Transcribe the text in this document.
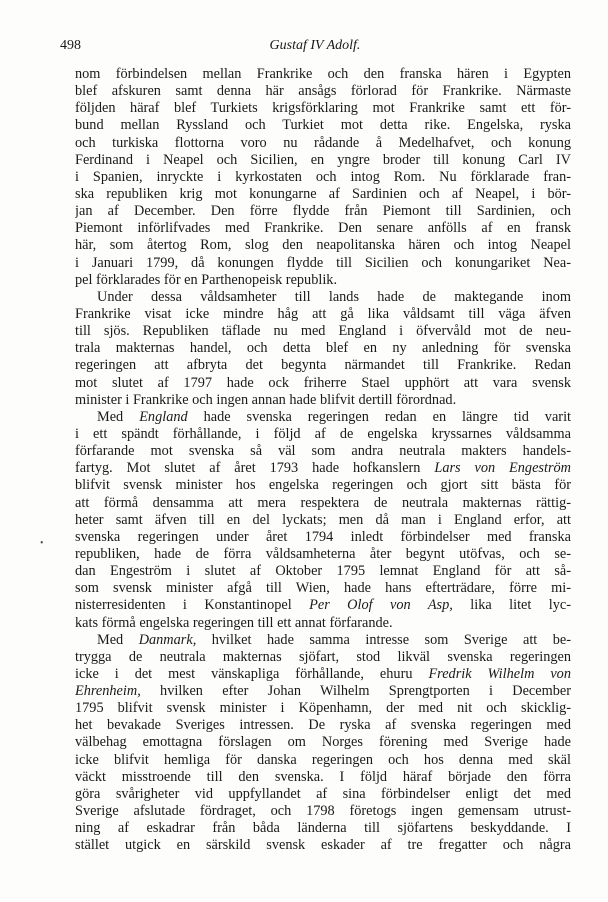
498	Gustaf IV Adolf.
•
nom förbindelsen mellan Frankrike och den franska hären i Egypten
blef afskuren samt denna här ansågs förlorad för Frankrike. Närmaste
följden häraf blef Turkiets krigsförklaring mot Frankrike samt ett för-
bund mellan Ryssland och Turkiet mot detta rike. Engelska, ryska
och turkiska flottorna voro nu rådande å Medelhafvet, och konung
Ferdinand i Neapel och Sicilien, en yngre broder till konung Carl IV
i Spanien, inryckte i kyrkostaten och intog Rom. Nu förklarade fran-
ska republiken krig mot konungarne af Sardinien och af Neapel, i bör-
jan af December. Den förre flydde från Piemont till Sardinien, och
Piemont införlifvades med Frankrike. Den senare anfölls af en fransk
här, som återtog Rom, slog den neapolitanska hären och intog Neapel
i Januari 1799, då konungen flydde till Sicilien och konungariket Nea-
pel förklarades för en Parthenopeisk republik.
Under dessa våldsamheter till lands hade de maktegande inom
Frankrike visat icke mindre håg att gå lika våldsamt till väga äfven
till sjös. Republiken täflade nu med England i öfvervåld mot de neu-
trala makternas handel, och detta blef en ny anledning för svenska
regeringen att afbryta det begynta närmandet till Frankrike. Redan
mot slutet af 1797 hade ock friherre Stael upphört att vara svensk
minister i Frankrike och ingen annan hade blifvit dertill förordnad.
Med England hade svenska regeringen redan en längre tid varit
i ett spändt förhållande, i följd af de engelska kryssarnes våldsamma
förfarande mot svenska så väl som andra neutrala makters handels-
fartyg. Mot slutet af året 1793 hade hofkanslern Lars von Engeström
blifvit svensk minister hos engelska regeringen och gjort sitt bästa för
att förmå densamma att mera respektera de neutrala makternas rättig-
heter samt äfven till en del lyckats; men då man i England erfor, att
svenska regeringen under året 1794 inledt förbindelser med franska
republiken, hade de förra våldsamheterna åter begynt utöfvas, och se-
dan Engeström i slutet af Oktober 1795 lemnat England för att så-
som svensk minister afgå till Wien, hade hans efterträdare, förre mi-
nisterresidenten i Konstantinopel Per Olof von Asp, lika litet lyc-
kats förmå engelska regeringen till ett annat förfarande.
Med Danmark, hvilket hade samma intresse som Sverige att be-
trygga de neutrala makternas sjöfart, stod likväl svenska regeringen
icke i det mest vänskapliga förhållande, ehuru Fredrik Wilhelm von
Ehrenheim, hvilken efter Johan Wilhelm Sprengtporten i December
1795 blifvit svensk minister i Köpenhamn, der med nit och skicklig-
het bevakade Sveriges intressen. De ryska af svenska regeringen med
välbehag emottagna förslagen om Norges förening med Sverige hade
icke blifvit hemliga för danska regeringen och hos denna med skäl
väckt misstroende till den svenska. I följd häraf började den förra
göra svårigheter vid uppfyllandet af sina förbindelser enligt det med
Sverige afslutade fördraget, och 1798 företogs ingen gemensam utrust-
ning af eskadrar från båda länderna till sjöfartens beskyddande. I
stället utgick en särskild svensk eskader af tre fregatter och några
